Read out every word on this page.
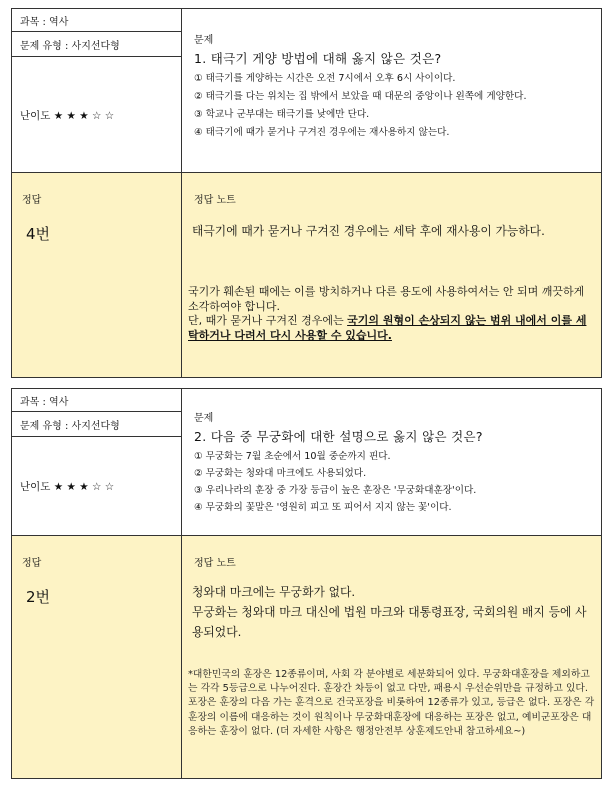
과목 : 역사
문제 유형 : 사지선다형
난이도 ★ ★ ★ ☆ ☆
문제
1. 태극기 게양 방법에 대해 옳지 않은 것은?
① 태극기를 게양하는 시간은 오전 7시에서 오후 6시 사이이다.
② 태극기를 다는 위치는 집 밖에서 보았을 때 대문의 중앙이나 왼쪽에 게양한다.
③ 학교나 군부대는 태극기를 낮에만 단다.
④ 태극기에 때가 묻거나 구겨진 경우에는 재사용하지 않는다.
정답
4번
정답 노트
태극기에 때가 묻거나 구겨진 경우에는 세탁 후에 재사용이 가능하다.
국기가 훼손된 때에는 이를 방치하거나 다른 용도에 사용하여서는 안 되며 깨끗하게 소각하여야 합니다.
단, 때가 묻거나 구겨진 경우에는 국기의 원형이 손상되지 않는 범위 내에서 이를 세탁하거나 다려서 다시 사용할 수 있습니다.
과목 : 역사
문제 유형 : 사지선다형
난이도 ★ ★ ★ ☆ ☆
문제
2. 다음 중 무궁화에 대한 설명으로 옳지 않은 것은?
① 무궁화는 7월 초순에서 10월 중순까지 핀다.
② 무궁화는 청와대 마크에도 사용되었다.
③ 우리나라의 훈장 중 가장 등급이 높은 훈장은 '무궁화대훈장'이다.
④ 무궁화의 꽃말은 '영원히 피고 또 피어서 지지 않는 꽃'이다.
정답
2번
정답 노트
청와대 마크에는 무궁화가 없다.
무궁화는 청와대 마크 대신에 법원 마크와 대통령표장, 국회의원 배지 등에 사용되었다.
*대한민국의 훈장은 12종류이며, 사회 각 분야별로 세분화되어 있다. 무궁화대훈장을 제외하고는 각각 5등급으로 나누어진다. 훈장간 차등이 없고 다만, 패용시 우선순위만을 규정하고 있다. 포장은 훈장의 다음 가는 훈격으로 건국포장을 비롯하여 12종류가 있고, 등급은 없다. 포장은 각 훈장의 이름에 대응하는 것이 원칙이나 무궁화대훈장에 대응하는 포장은 없고, 예비군포장은 대응하는 훈장이 없다. (더 자세한 사항은 행정안전부 상훈제도안내 참고하세요~)
